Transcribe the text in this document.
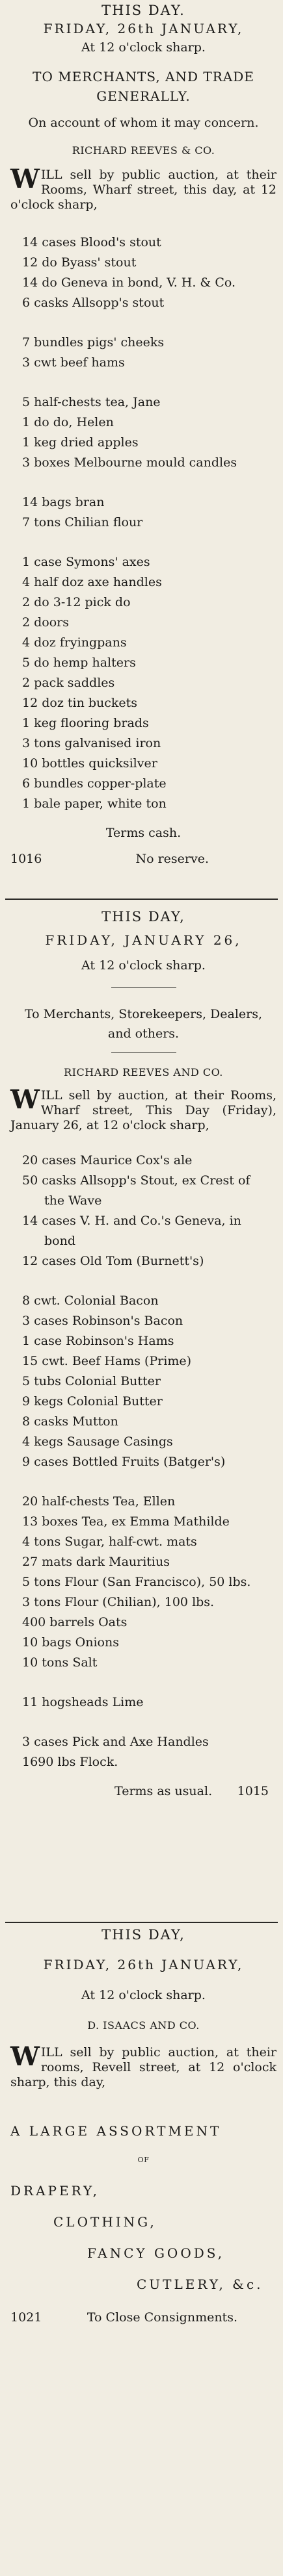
THIS DAY.
FRIDAY, 26th JANUARY,
At 12 o'clock sharp.
TO MERCHANTS, AND TRADE
GENERALLY.
On account of whom it may concern.
RICHARD REEVES & CO.
WILL sell by public auction, at their Rooms, Wharf street, this day, at 12 o'clock sharp,
14 cases Blood's stout
12 do Byass' stout
14 do Geneva in bond, V. H. & Co.
6 casks Allsopp's stout
7 bundles pigs' cheeks
3 cwt beef hams
5 half-chests tea, Jane
1 do do, Helen
1 keg dried apples
3 boxes Melbourne mould candles
14 bags bran
7 tons Chilian flour
1 case Symons' axes
4 half doz axe handles
2 do 3-12 pick do
2 doors
4 doz fryingpans
5 do hemp halters
2 pack saddles
12 doz tin buckets
1 keg flooring brads
3 tons galvanised iron
10 bottles quicksilver
6 bundles copper-plate
1 bale paper, white ton
Terms cash.
1016	No reserve.
THIS DAY,
FRIDAY, JANUARY 26,
At 12 o'clock sharp.
To Merchants, Storekeepers, Dealers,
and others.
RICHARD REEVES AND CO.
WILL sell by auction, at their Rooms, Wharf street, This Day (Friday), January 26, at 12 o'clock sharp,
20 cases Maurice Cox's ale
50 casks Allsopp's Stout, ex Crest of
the Wave
14 cases V. H. and Co.'s Geneva, in
bond
12 cases Old Tom (Burnett's)
8 cwt. Colonial Bacon
3 cases Robinson's Bacon
1 case Robinson's Hams
15 cwt. Beef Hams (Prime)
5 tubs Colonial Butter
9 kegs Colonial Butter
8 casks Mutton
4 kegs Sausage Casings
9 cases Bottled Fruits (Batger's)
20 half-chests Tea, Ellen
13 boxes Tea, ex Emma Mathilde
4 tons Sugar, half-cwt. mats
27 mats dark Mauritius
5 tons Flour (San Francisco), 50 lbs.
3 tons Flour (Chilian), 100 lbs.
400 barrels Oats
10 bags Onions
10 tons Salt
11 hogsheads Lime
3 cases Pick and Axe Handles
1690 lbs Flock.
Terms as usual. 1015
THIS DAY,
FRIDAY, 26th JANUARY,
At 12 o'clock sharp.
D. ISAACS AND CO.
WILL sell by public auction, at their rooms, Revell street, at 12 o'clock sharp, this day,
A LARGE ASSORTMENT
OF
DRAPERY,
CLOTHING,
FANCY GOODS,
CUTLERY, &c.
1021	To Close Consignments.
